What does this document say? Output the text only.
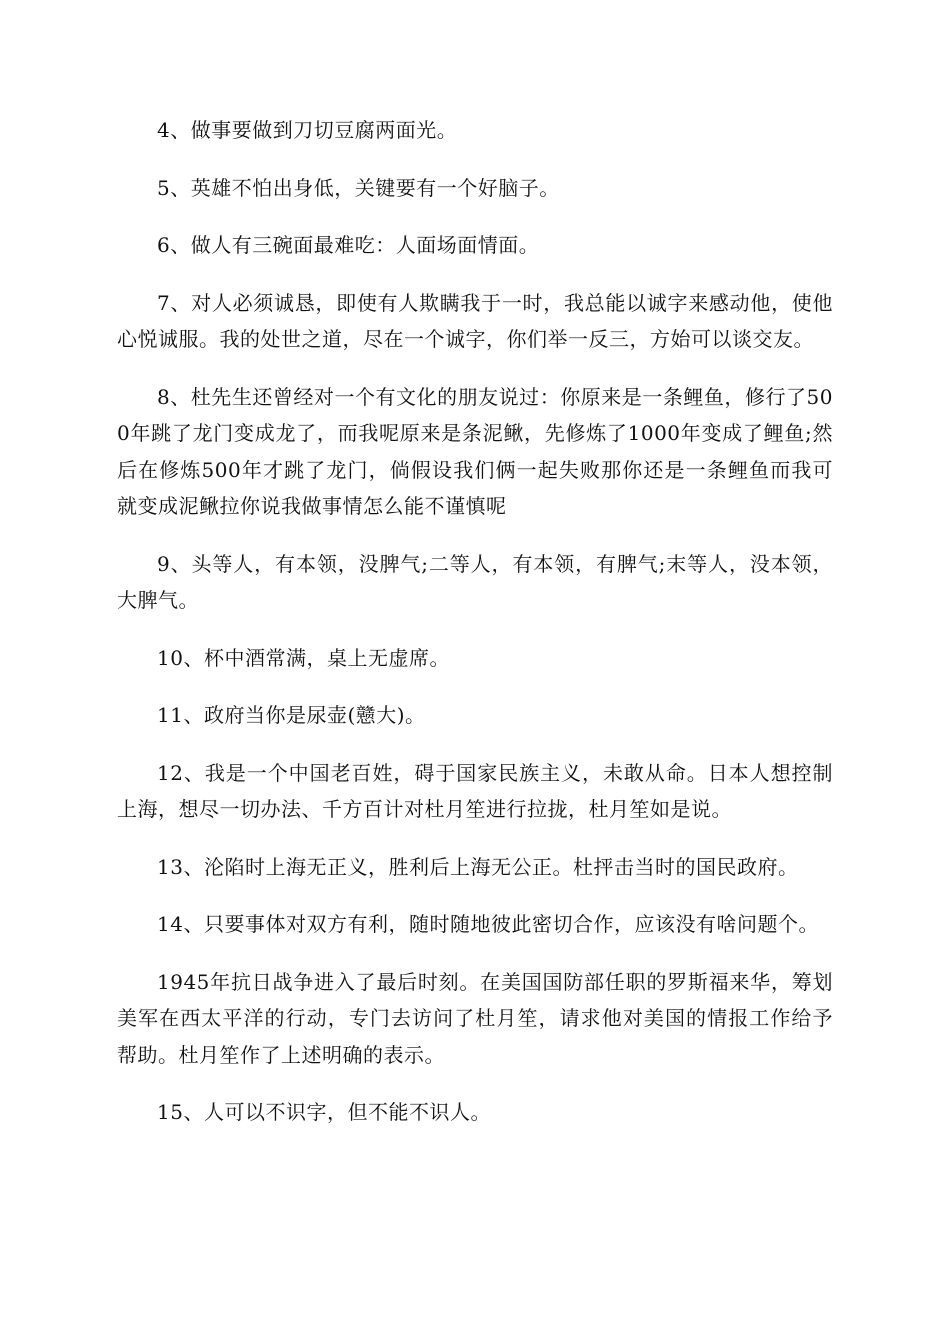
4、做事要做到刀切豆腐两面光。

5、英雄不怕出身低，关键要有一个好脑子。

6、做人有三碗面最难吃：人面场面情面。

7、对人必须诚恳，即使有人欺瞒我于一时，我总能以诚字来感动他，使他心悦诚服。我的处世之道，尽在一个诚字，你们举一反三，方始可以谈交友。

8、杜先生还曾经对一个有文化的朋友说过：你原来是一条鲤鱼，修行了500年跳了龙门变成龙了，而我呢原来是条泥鳅，先修炼了1000年变成了鲤鱼;然后在修炼500年才跳了龙门，倘假设我们俩一起失败那你还是一条鲤鱼而我可就变成泥鳅拉你说我做事情怎么能不谨慎呢

9、头等人，有本领，没脾气;二等人，有本领，有脾气;末等人，没本领，大脾气。

10、杯中酒常满，桌上无虚席。

11、政府当你是尿壶(戆大)。

12、我是一个中国老百姓，碍于国家民族主义，未敢从命。日本人想控制上海，想尽一切办法、千方百计对杜月笙进行拉拢，杜月笙如是说。

13、沦陷时上海无正义，胜利后上海无公正。杜抨击当时的国民政府。

14、只要事体对双方有利，随时随地彼此密切合作，应该没有啥问题个。

1945年抗日战争进入了最后时刻。在美国国防部任职的罗斯福来华，筹划美军在西太平洋的行动，专门去访问了杜月笙，请求他对美国的情报工作给予帮助。杜月笙作了上述明确的表示。

15、人可以不识字，但不能不识人。
